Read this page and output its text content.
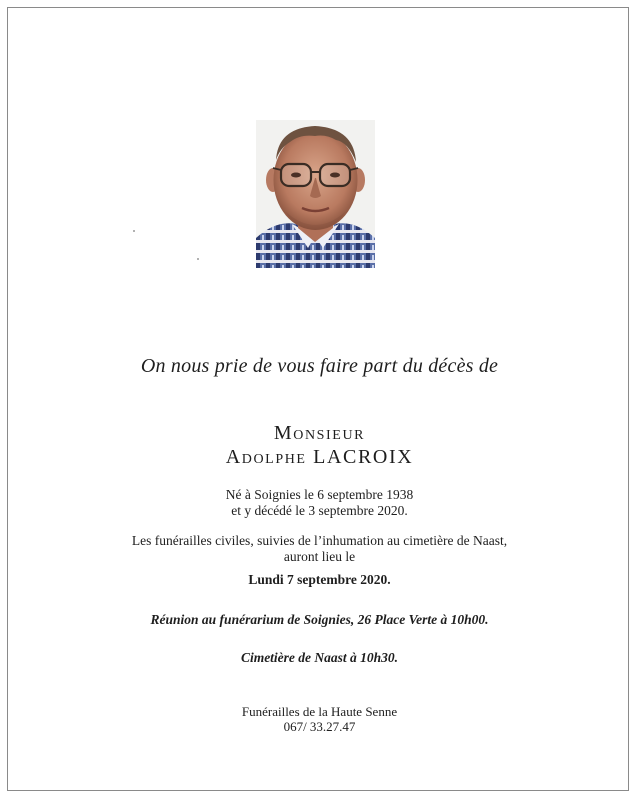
On nous prie de vous faire part du décès de
Monsieur
Adolphe LACROIX
Né à Soignies le 6 septembre 1938
et y décédé le 3 septembre 2020.
Les funérailles civiles, suivies de l’inhumation au cimetière de Naast,
auront lieu le
Lundi 7 septembre 2020.
Réunion au funérarium de Soignies, 26 Place Verte à 10h00.
Cimetière de Naast à 10h30.
Funérailles de la Haute Senne
067/ 33.27.47
